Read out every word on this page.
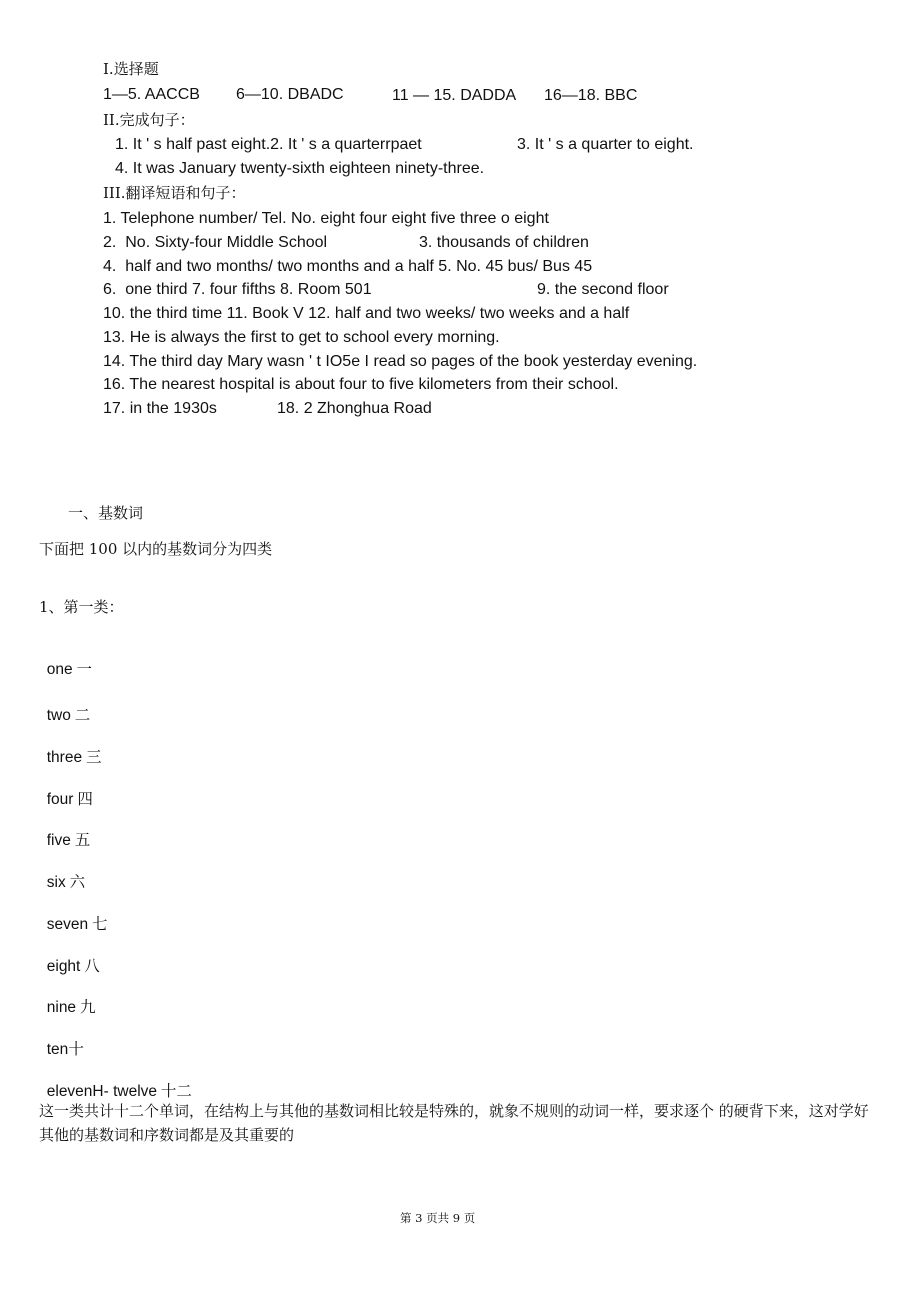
I.选择题
1—5. AACCB 6—10. DBADC	11 — 15. DADDA 16—18. BBC
II.完成句子：
1. It ' s half past eight.2. It ' s a quarterrpaet	3. It ' s a quarter to eight.
4. It was January twenty-sixth eighteen ninety-three.
III.翻译短语和句子：
1. Telephone number/ Tel. No. eight four eight five three o eight
2.  No. Sixty-four Middle School	3. thousands of children
4.  half and two months/ two months and a half 5. No. 45 bus/ Bus 45
6.  one third 7. four fifths 8. Room 501	9. the second floor
10. the third time 11. Book V 12. half and two weeks/ two weeks and a half
13. He is always the first to get to school every morning.
14. The third day Mary wasn ' t IO5e I read so pages of the book yesterday evening.
16. The nearest hospital is about four to five kilometers from their school.
17. in the 1930s	18. 2 Zhonghua Road
一、基数词
下面把 100 以内的基数词分为四类
1、第一类：

one 一

two 二

three 三

four 四

five 五

six 六

seven 七

eight 八

nine 九

ten十

elevenH- twelve 十二

这一类共计十二个单词，在结构上与其他的基数词相比较是特殊的，就象不规则的动词一样，要求逐个 的硬背下来，这对学好其他的基数词和序数词都是及其重要的
第 3 页共 9 页
